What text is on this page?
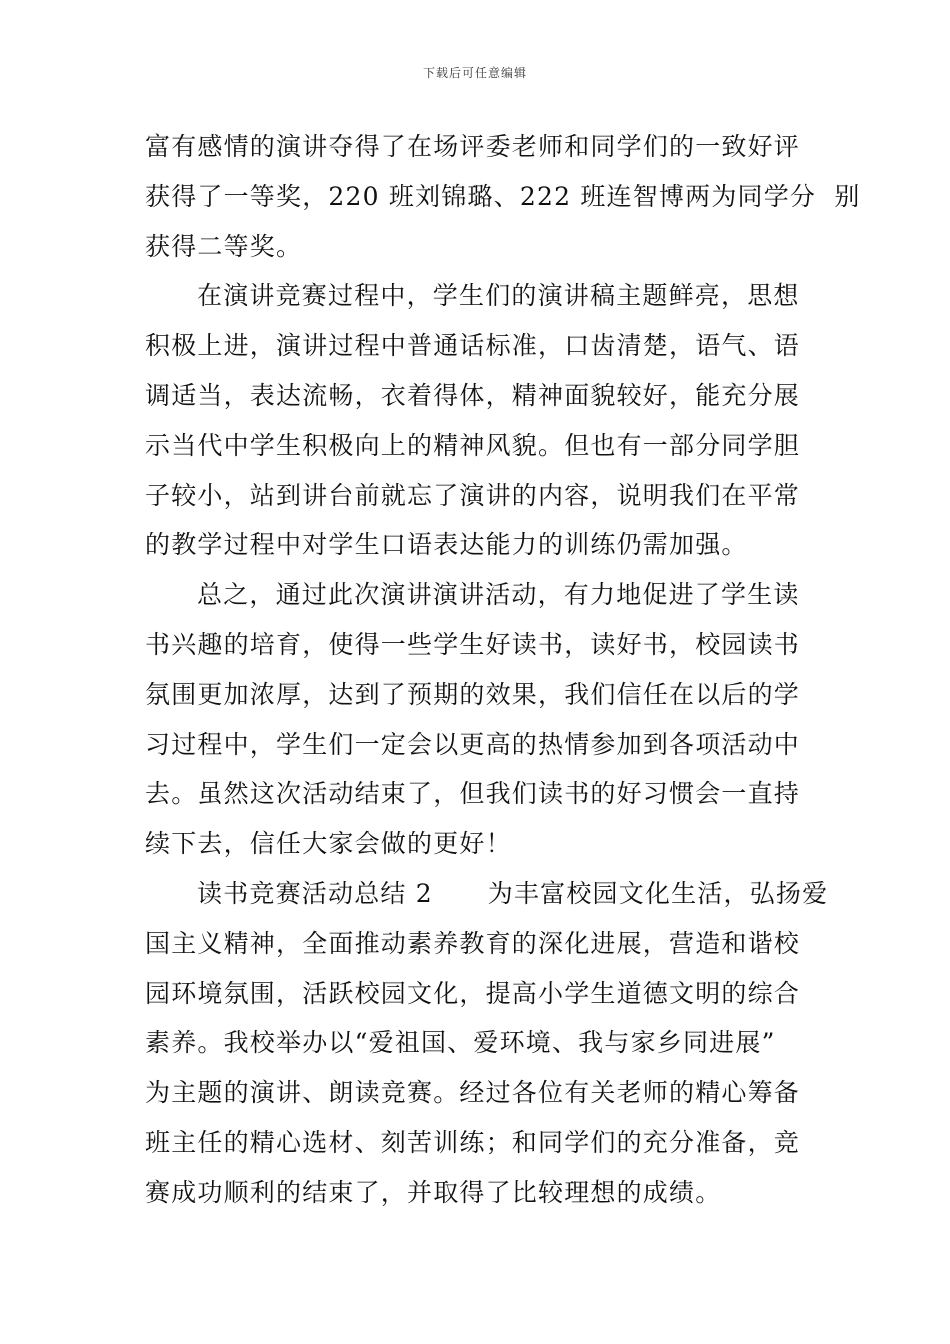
下载后可任意编辑
富有感情的演讲夺得了在场评委老师和同学们的一致好评
获得了一等奖，220 班刘锦璐、222 班连智博两为同学分  别
获得二等奖。
在演讲竞赛过程中，学生们的演讲稿主题鲜亮，思想
积极上进，演讲过程中普通话标准，口齿清楚，语气、语
调适当，表达流畅，衣着得体，精神面貌较好，能充分展
示当代中学生积极向上的精神风貌。但也有一部分同学胆
子较小，站到讲台前就忘了演讲的内容，说明我们在平常
的教学过程中对学生口语表达能力的训练仍需加强。
总之，通过此次演讲演讲活动，有力地促进了学生读
书兴趣的培育，使得一些学生好读书，读好书，校园读书
氛围更加浓厚，达到了预期的效果，我们信任在以后的学
习过程中，学生们一定会以更高的热情参加到各项活动中
去。虽然这次活动结束了，但我们读书的好习惯会一直持
续下去，信任大家会做的更好！
读书竞赛活动总结 2      为丰富校园文化生活，弘扬爱
国主义精神，全面推动素养教育的深化进展，营造和谐校
园环境氛围，活跃校园文化，提高小学生道德文明的综合
素养。我校举办以“爱祖国、爱环境、我与家乡同进展”
为主题的演讲、朗读竞赛。经过各位有关老师的精心筹备
班主任的精心选材、刻苦训练；和同学们的充分准备，竞
赛成功顺利的结束了，并取得了比较理想的成绩。
